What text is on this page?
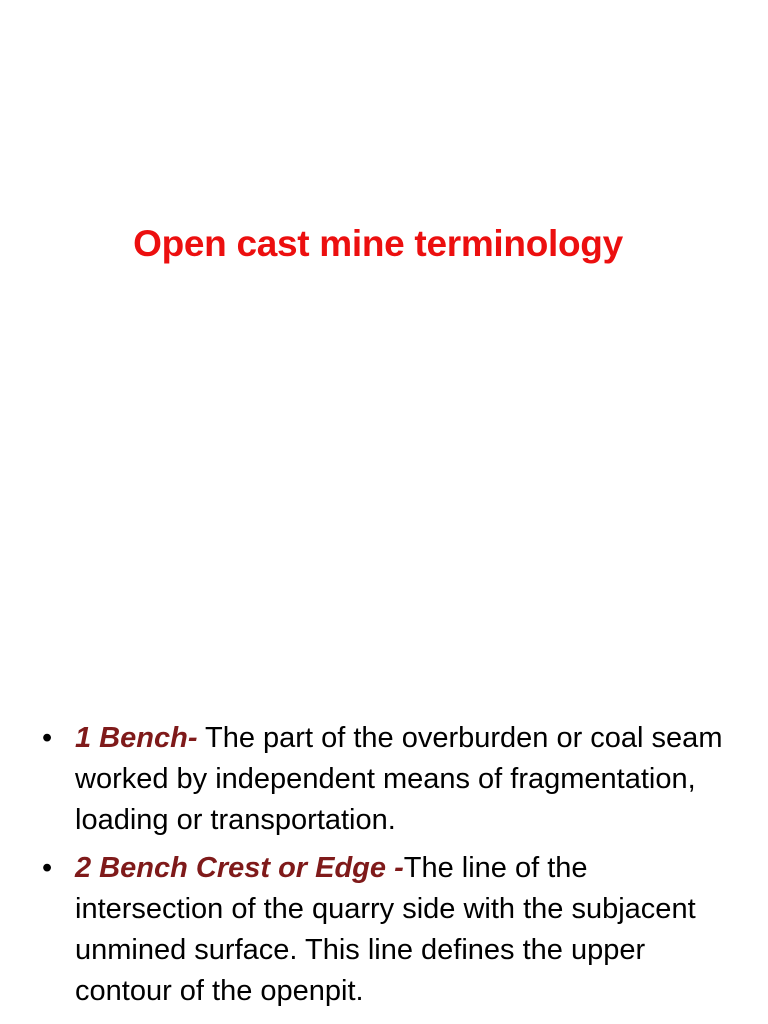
Open cast mine terminology
• 1 Bench- The part of the overburden or coal seam worked by independent means of fragmentation, loading or transportation.
• 2 Bench Crest or Edge -The line of the intersection of the quarry side with the subjacent unmined surface. This line defines the upper contour of the openpit.
